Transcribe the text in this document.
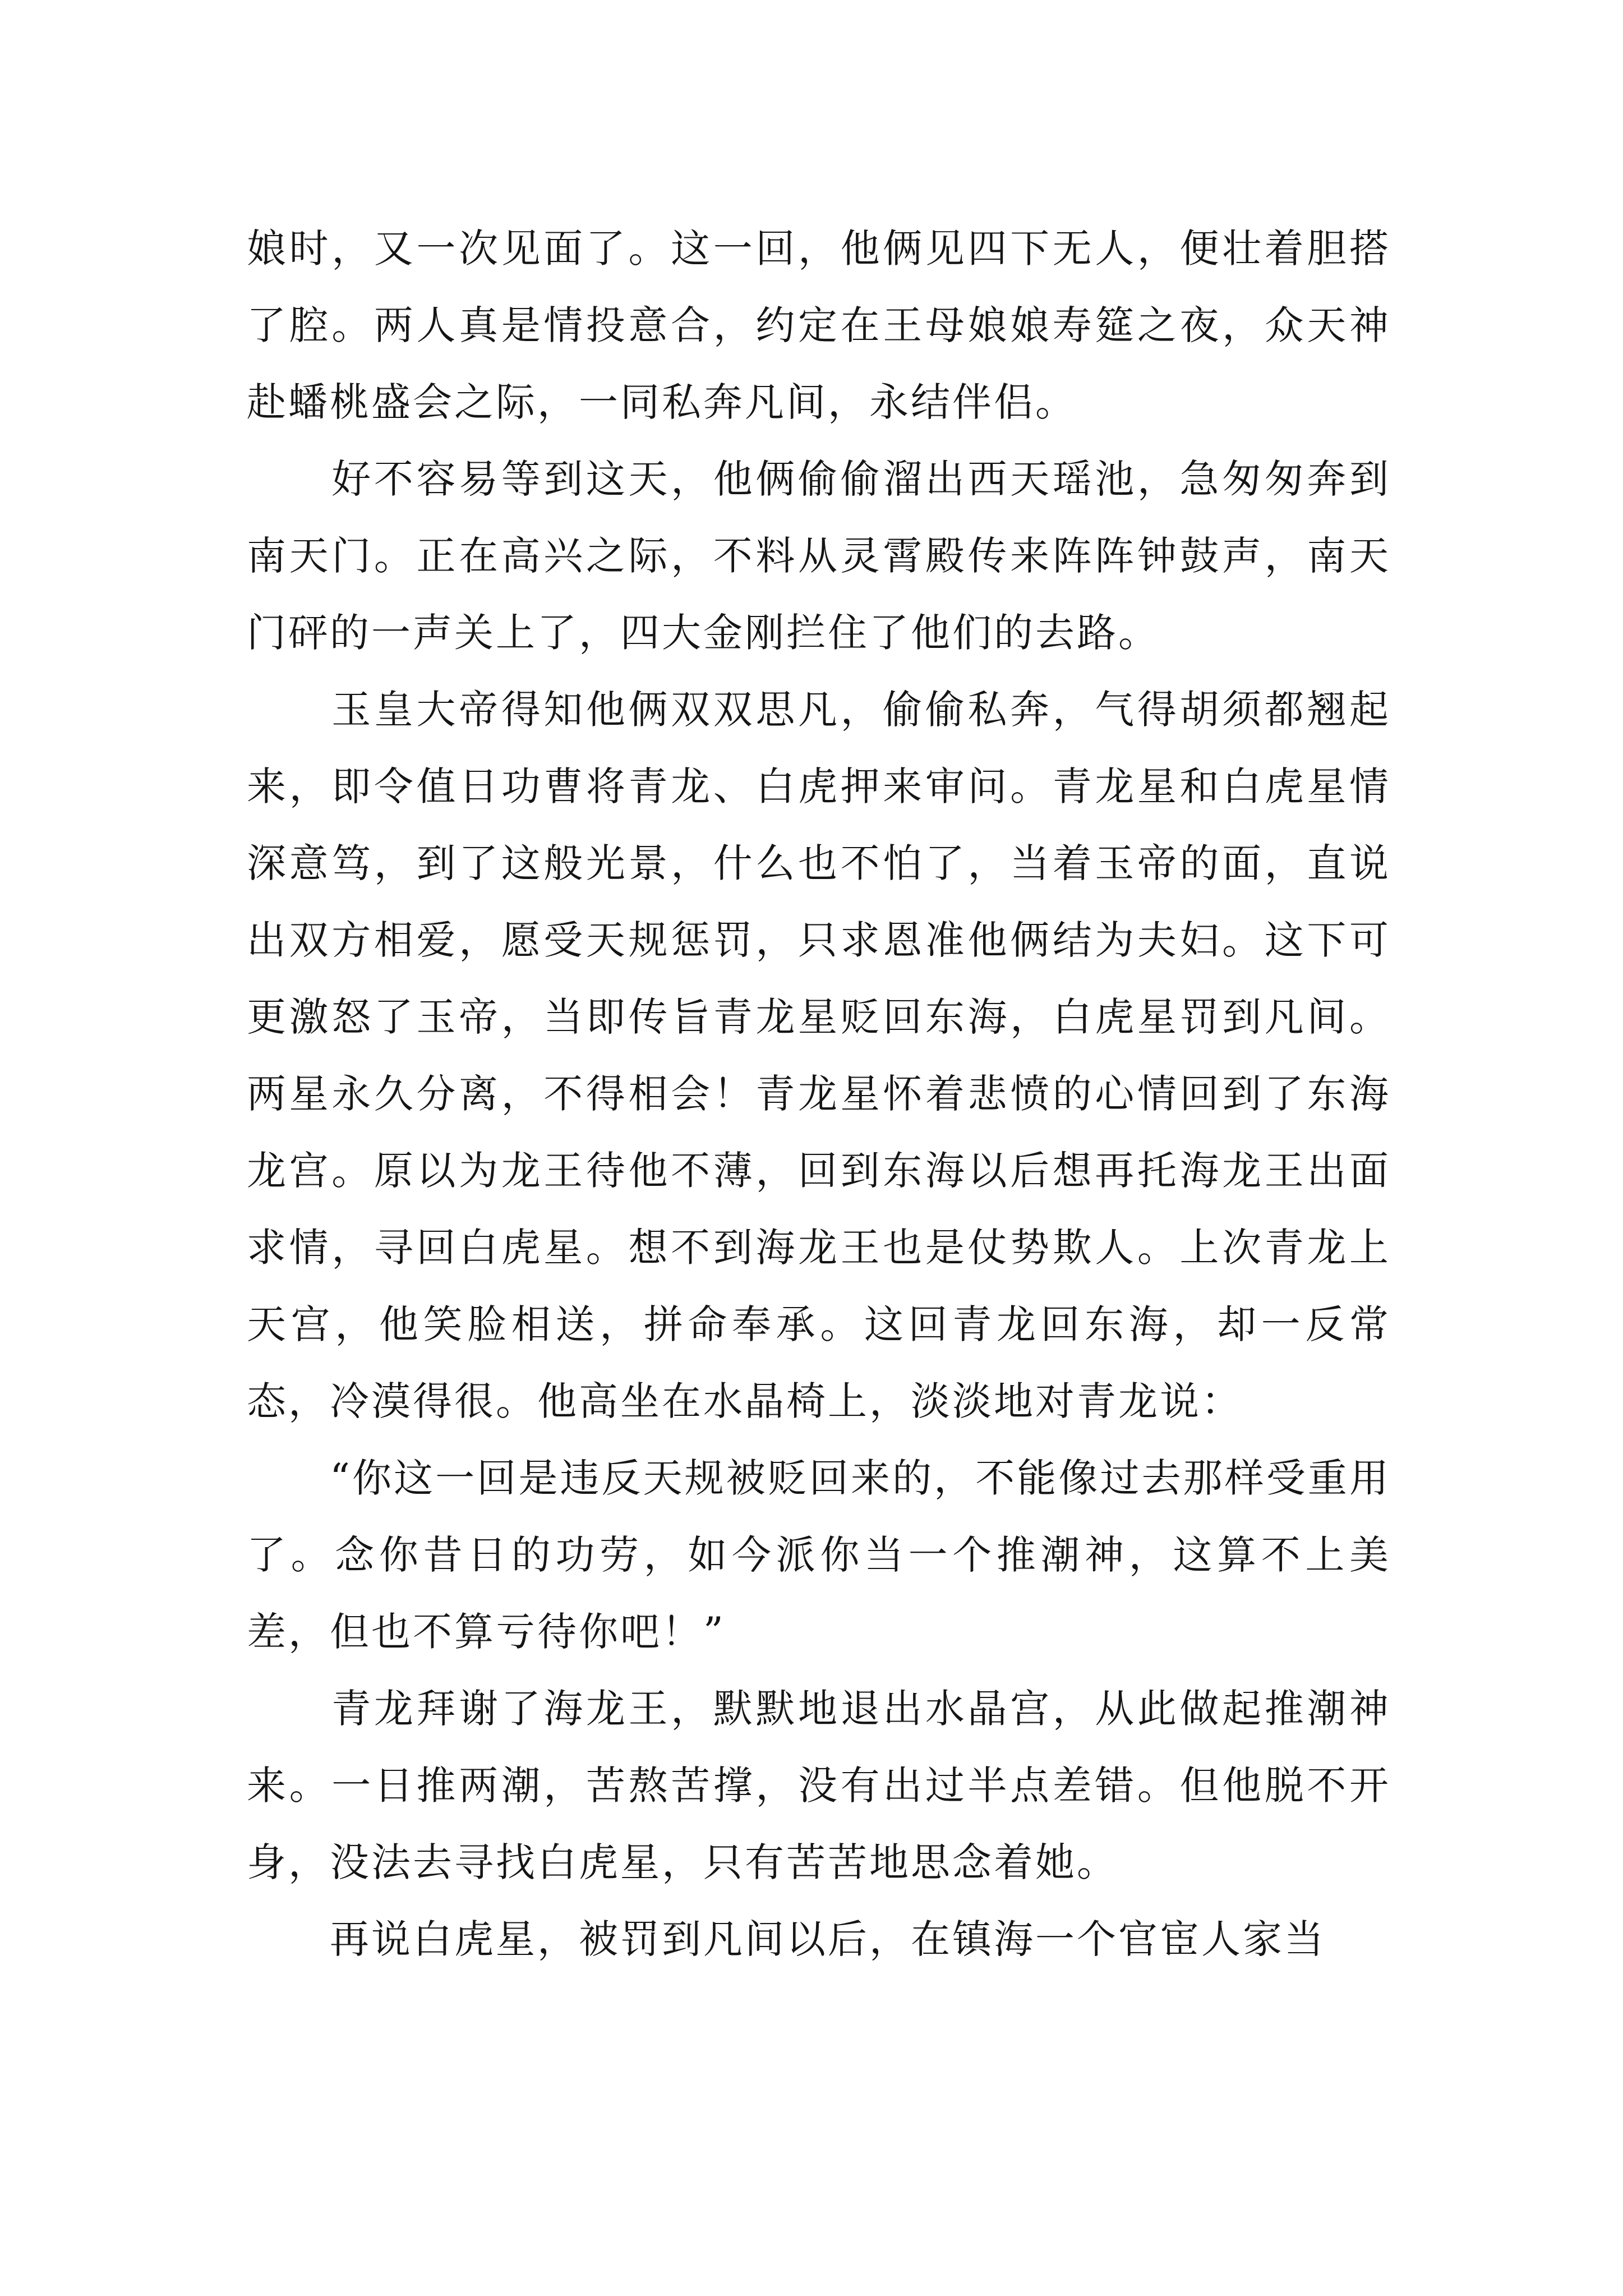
娘时，又一次见面了。这一回，他俩见四下无人，便壮着胆搭了腔。两人真是情投意合，约定在王母娘娘寿筵之夜，众天神赴蟠桃盛会之际，一同私奔凡间，永结伴侣。

　　好不容易等到这天，他俩偷偷溜出西天瑶池，急匆匆奔到南天门。正在高兴之际，不料从灵霄殿传来阵阵钟鼓声，南天门砰的一声关上了，四大金刚拦住了他们的去路。

　　玉皇大帝得知他俩双双思凡，偷偷私奔，气得胡须都翘起来，即令值日功曹将青龙、白虎押来审问。青龙星和白虎星情深意笃，到了这般光景，什么也不怕了，当着玉帝的面，直说出双方相爱，愿受天规惩罚，只求恩准他俩结为夫妇。这下可更激怒了玉帝，当即传旨青龙星贬回东海，白虎星罚到凡间。两星永久分离，不得相会！青龙星怀着悲愤的心情回到了东海龙宫。原以为龙王待他不薄，回到东海以后想再托海龙王出面求情，寻回白虎星。想不到海龙王也是仗势欺人。上次青龙上天宫，他笑脸相送，拼命奉承。这回青龙回东海，却一反常态，冷漠得很。他高坐在水晶椅上，淡淡地对青龙说：

　　“你这一回是违反天规被贬回来的，不能像过去那样受重用了。念你昔日的功劳，如今派你当一个推潮神，这算不上美差，但也不算亏待你吧！”

　　青龙拜谢了海龙王，默默地退出水晶宫，从此做起推潮神来。一日推两潮，苦熬苦撑，没有出过半点差错。但他脱不开身，没法去寻找白虎星，只有苦苦地思念着她。

　　再说白虎星，被罚到凡间以后，在镇海一个官宦人家当
